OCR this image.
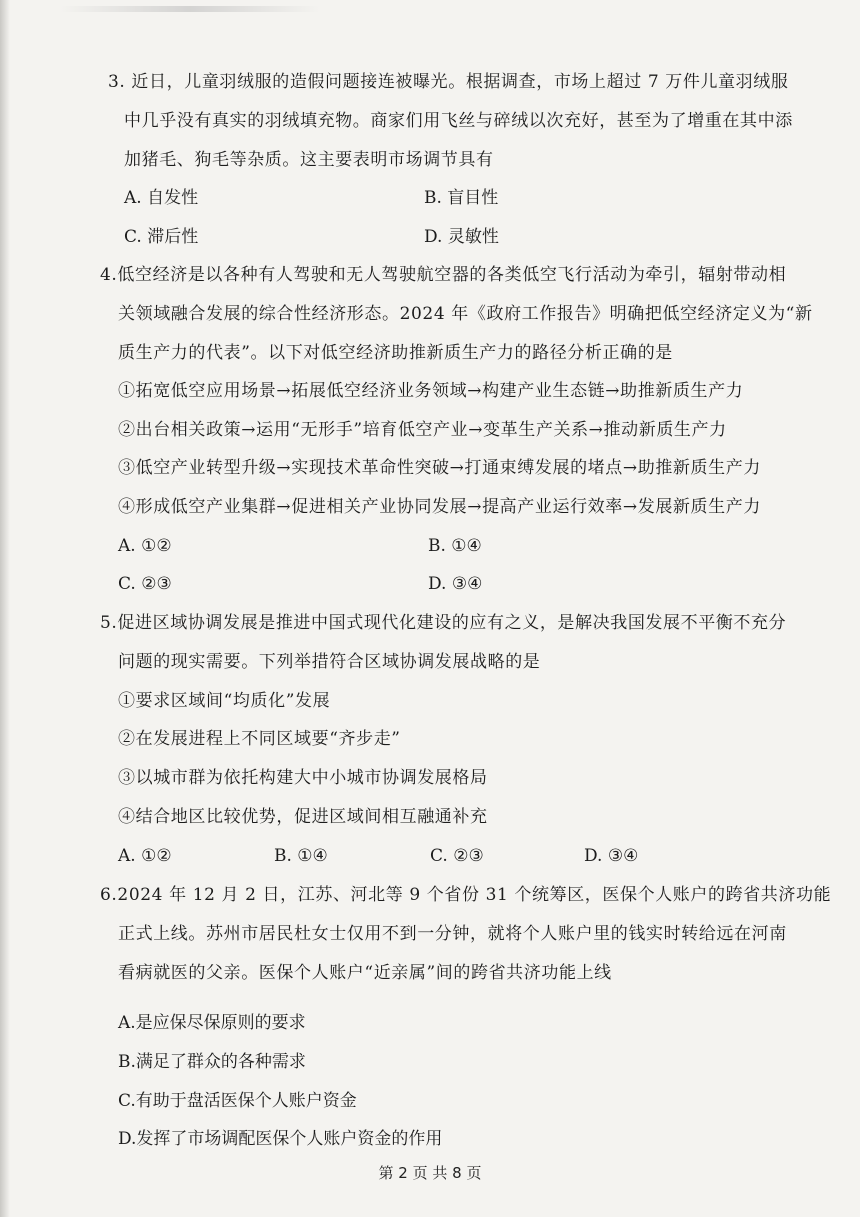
3. 近日，儿童羽绒服的造假问题接连被曝光。根据调查，市场上超过 7 万件儿童羽绒服
中几乎没有真实的羽绒填充物。商家们用飞丝与碎绒以次充好，甚至为了增重在其中添
加猪毛、狗毛等杂质。这主要表明市场调节具有
A. 自发性	B. 盲目性
C. 滞后性	D. 灵敏性
4.低空经济是以各种有人驾驶和无人驾驶航空器的各类低空飞行活动为牵引，辐射带动相
关领域融合发展的综合性经济形态。2024 年《政府工作报告》明确把低空经济定义为“新
质生产力的代表”。以下对低空经济助推新质生产力的路径分析正确的是
①拓宽低空应用场景→拓展低空经济业务领域→构建产业生态链→助推新质生产力
②出台相关政策→运用“无形手”培育低空产业→变革生产关系→推动新质生产力
③低空产业转型升级→实现技术革命性突破→打通束缚发展的堵点→助推新质生产力
④形成低空产业集群→促进相关产业协同发展→提高产业运行效率→发展新质生产力
A. ①②	B. ①④
C. ②③	D. ③④
5.促进区域协调发展是推进中国式现代化建设的应有之义，是解决我国发展不平衡不充分
问题的现实需要。下列举措符合区域协调发展战略的是
①要求区域间“均质化”发展
②在发展进程上不同区域要“齐步走”
③以城市群为依托构建大中小城市协调发展格局
④结合地区比较优势，促进区域间相互融通补充
A. ①②	B. ①④	C. ②③	D. ③④
6.2024 年 12 月 2 日，江苏、河北等 9 个省份 31 个统筹区，医保个人账户的跨省共济功能
正式上线。苏州市居民杜女士仅用不到一分钟，就将个人账户里的钱实时转给远在河南
看病就医的父亲。医保个人账户“近亲属”间的跨省共济功能上线
A.是应保尽保原则的要求
B.满足了群众的各种需求
C.有助于盘活医保个人账户资金
D.发挥了市场调配医保个人账户资金的作用
第 2 页 共 8 页
